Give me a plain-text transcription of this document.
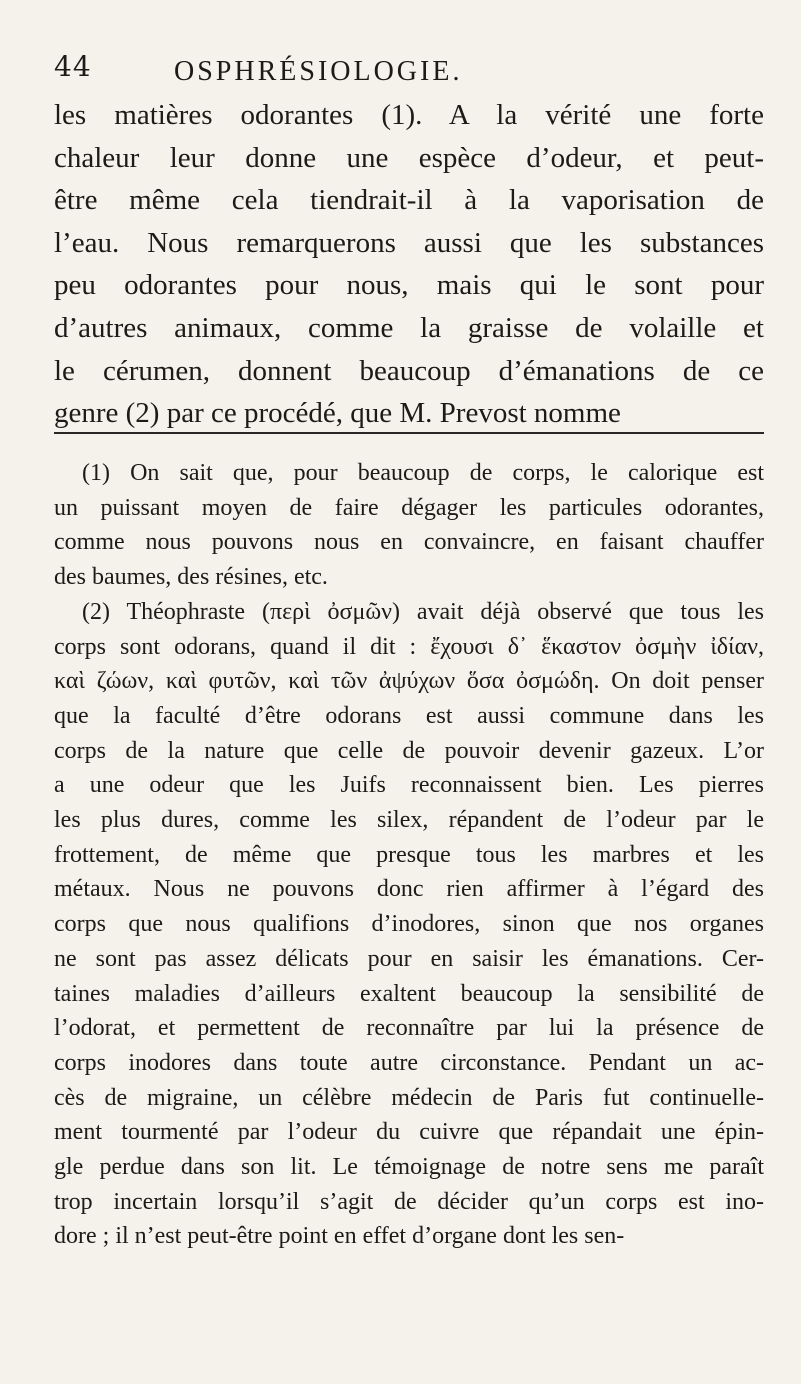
44	OSPHRÉSIOLOGIE.
les matières odorantes (1). A la vérité une forte
chaleur leur donne une espèce d’odeur, et peut-
être même cela tiendrait-il à la vaporisation de
l’eau. Nous remarquerons aussi que les substances
peu odorantes pour nous, mais qui le sont pour
d’autres animaux, comme la graisse de volaille et
le cérumen, donnent beaucoup d’émanations de ce
genre (2) par ce procédé, que M. Prevost nomme
(1) On sait que, pour beaucoup de corps, le calorique est
un puissant moyen de faire dégager les particules odorantes,
comme nous pouvons nous en convaincre, en faisant chauffer
des baumes, des résines, etc.
(2) Théophraste (περὶ ὀσμῶν) avait déjà observé que tous les
corps sont odorans, quand il dit : ἔχουσι δ᾽ ἕκαστον ὀσμὴν ἰδίαν,
καὶ ζώων, καὶ φυτῶν, καὶ τῶν ἀψύχων ὅσα ὀσμώδη. On doit penser
que la faculté d’être odorans est aussi commune dans les
corps de la nature que celle de pouvoir devenir gazeux. L’or
a une odeur que les Juifs reconnaissent bien. Les pierres
les plus dures, comme les silex, répandent de l’odeur par le
frottement, de même que presque tous les marbres et les
métaux. Nous ne pouvons donc rien affirmer à l’égard des
corps que nous qualifions d’inodores, sinon que nos organes
ne sont pas assez délicats pour en saisir les émanations. Cer-
taines maladies d’ailleurs exaltent beaucoup la sensibilité de
l’odorat, et permettent de reconnaître par lui la présence de
corps inodores dans toute autre circonstance. Pendant un ac-
cès de migraine, un célèbre médecin de Paris fut continuelle-
ment tourmenté par l’odeur du cuivre que répandait une épin-
gle perdue dans son lit. Le témoignage de notre sens me paraît
trop incertain lorsqu’il s’agit de décider qu’un corps est ino-
dore ; il n’est peut-être point en effet d’organe dont les sen-
